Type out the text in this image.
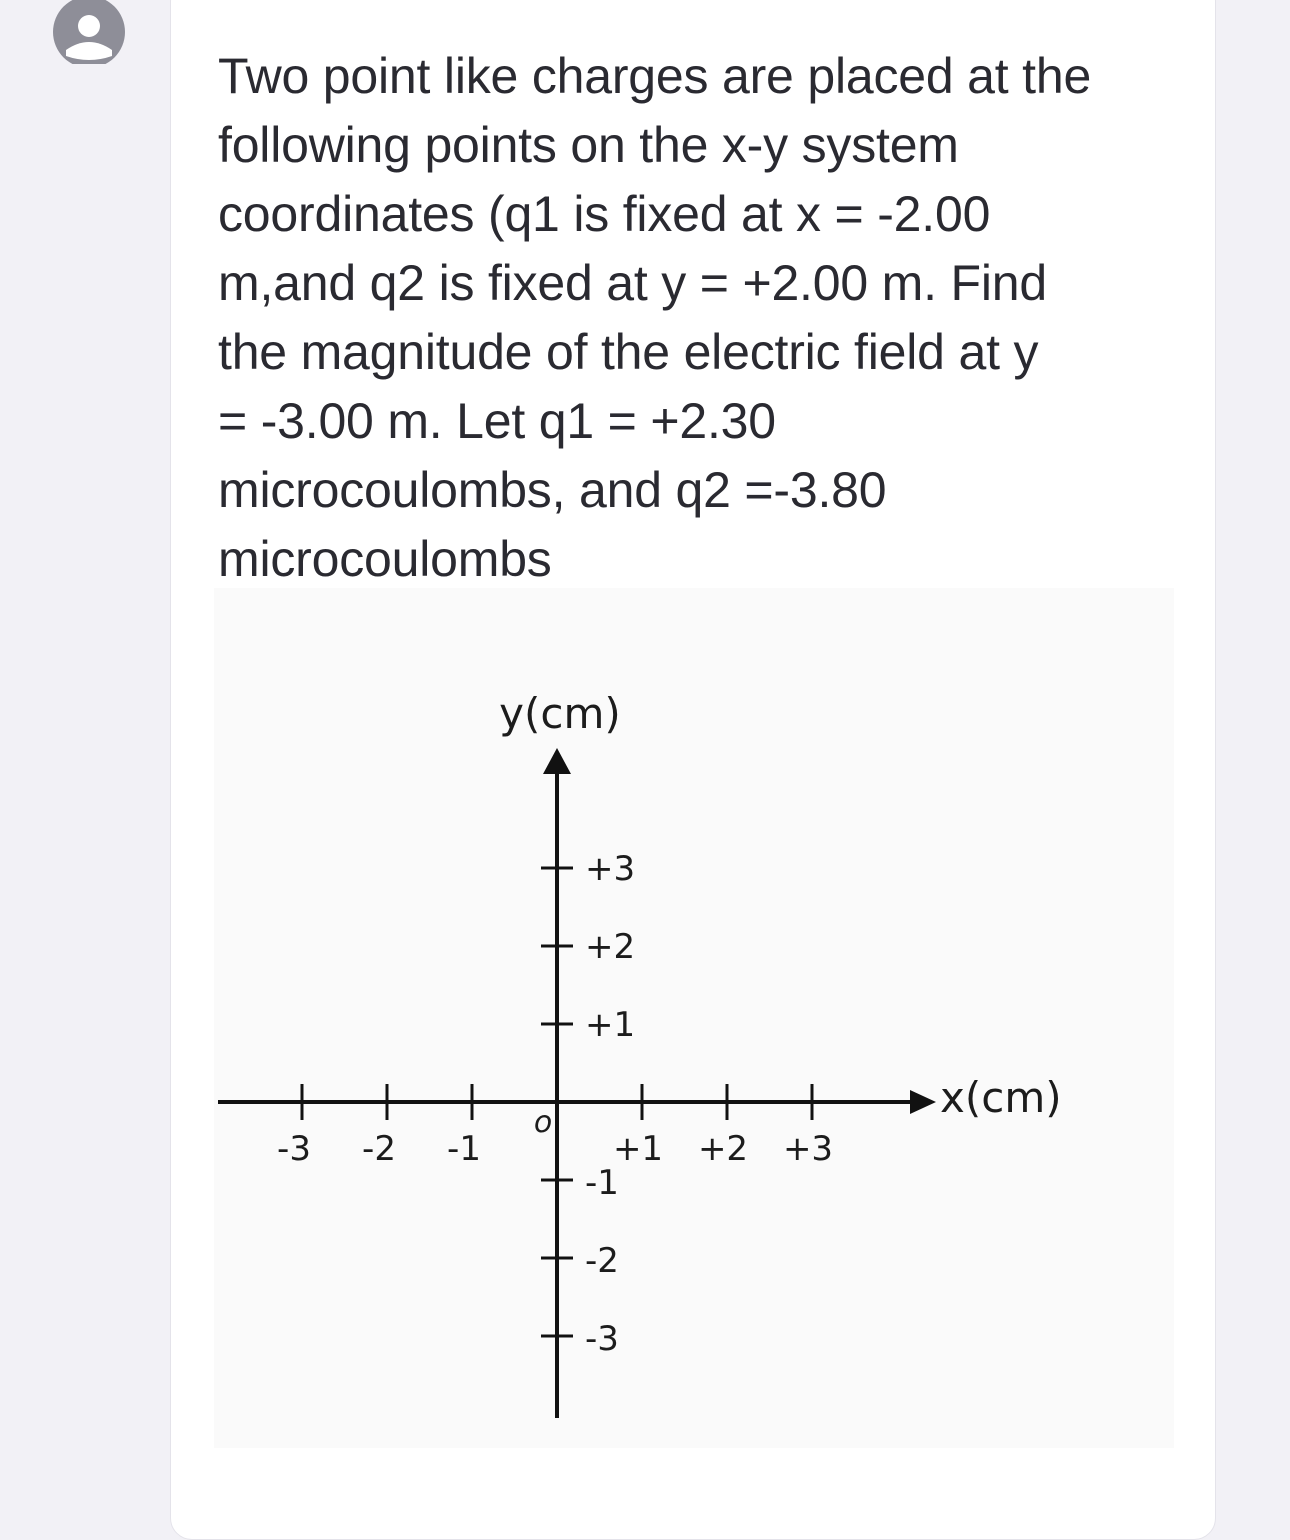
Two point like charges are placed at the
following points on the x-y system
coordinates (q1 is fixed at x = -2.00
m,and q2 is fixed at y = +2.00 m. Find
the magnitude of the electric field at y
= -3.00 m. Let q1 = +2.30
microcoulombs, and q2 =-3.80
microcoulombs

y(cm)
x(cm)
-3 -2 -1	+1 +2 +3
+3
+2
+1
-1
-2
-3
o
